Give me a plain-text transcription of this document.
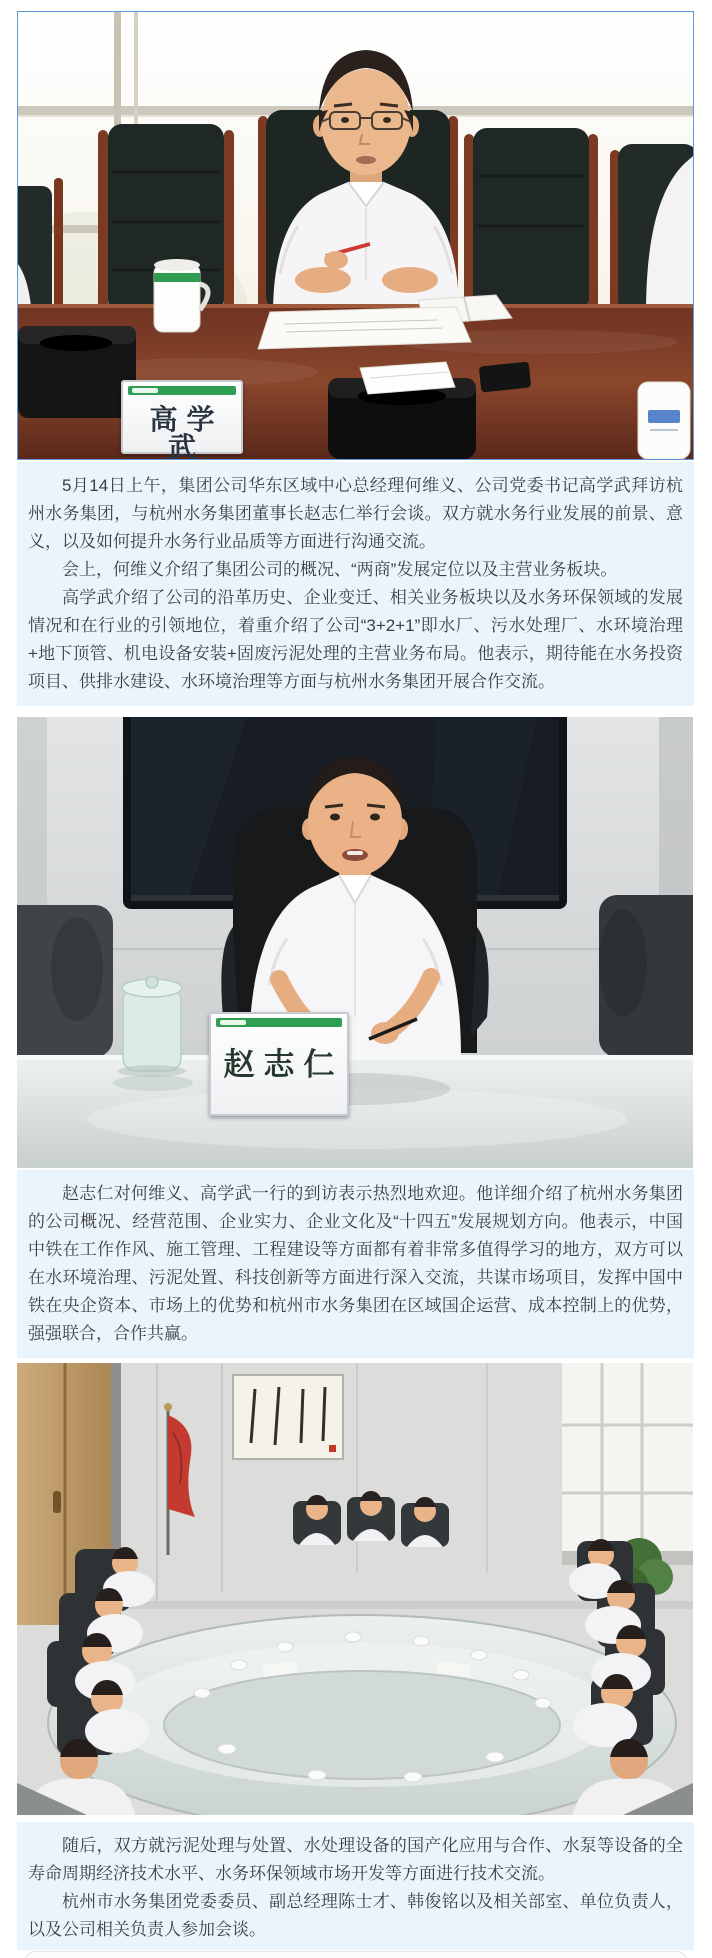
高学武

5月14日上午，集团公司华东区域中心总经理何维义、公司党委书记高学武拜访杭州水务集团，与杭州水务集团董事长赵志仁举行会谈。双方就水务行业发展的前景、意义，以及如何提升水务行业品质等方面进行沟通交流。

会上，何维义介绍了集团公司的概况、“两商”发展定位以及主营业务板块。

高学武介绍了公司的沿革历史、企业变迁、相关业务板块以及水务环保领域的发展情况和在行业的引领地位，着重介绍了公司“3+2+1”即水厂、污水处理厂、水环境治理+地下顶管、机电设备安装+固废污泥处理的主营业务布局。他表示，期待能在水务投资项目、供排水建设、水环境治理等方面与杭州水务集团开展合作交流。

赵志仁

赵志仁对何维义、高学武一行的到访表示热烈地欢迎。他详细介绍了杭州水务集团的公司概况、经营范围、企业实力、企业文化及“十四五”发展规划方向。他表示，中国中铁在工作作风、施工管理、工程建设等方面都有着非常多值得学习的地方，双方可以在水环境治理、污泥处置、科技创新等方面进行深入交流，共谋市场项目，发挥中国中铁在央企资本、市场上的优势和杭州市水务集团在区域国企运营、成本控制上的优势，强强联合，合作共赢。

随后，双方就污泥处理与处置、水处理设备的国产化应用与合作、水泵等设备的全寿命周期经济技术水平、水务环保领域市场开发等方面进行技术交流。

杭州市水务集团党委委员、副总经理陈士才、韩俊铭以及相关部室、单位负责人，以及公司相关负责人参加会谈。
